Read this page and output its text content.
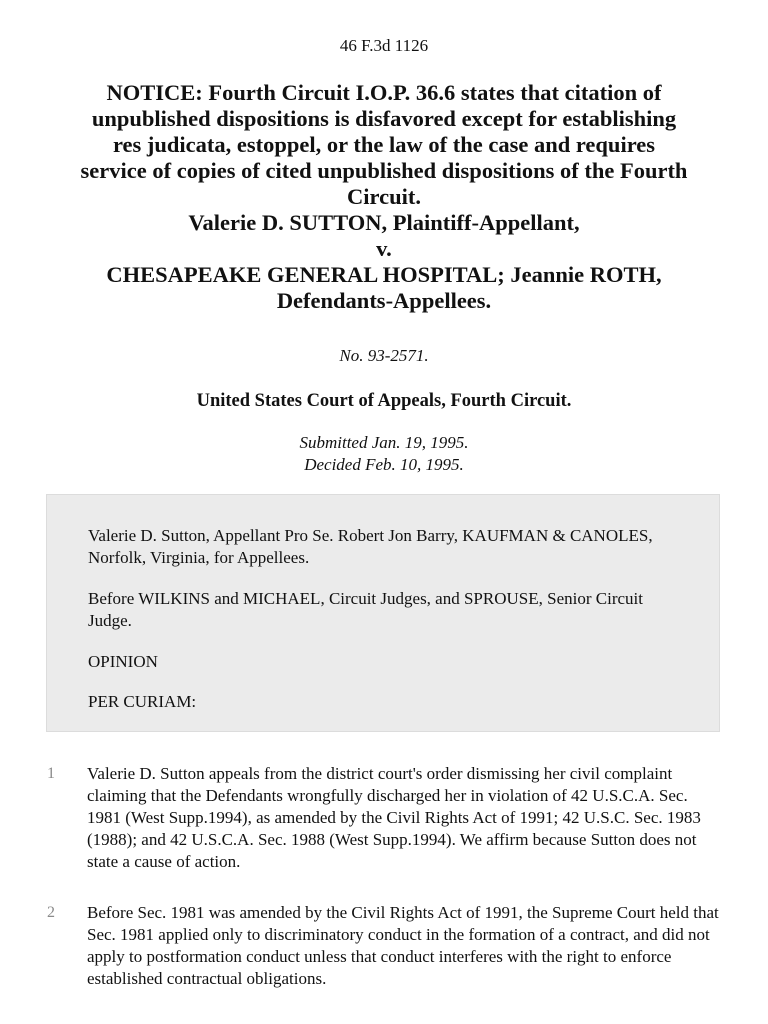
46 F.3d 1126
NOTICE: Fourth Circuit I.O.P. 36.6 states that citation of
unpublished dispositions is disfavored except for establishing
res judicata, estoppel, or the law of the case and requires
service of copies of cited unpublished dispositions of the Fourth
Circuit.
Valerie D. SUTTON, Plaintiff-Appellant,
v.
CHESAPEAKE GENERAL HOSPITAL; Jeannie ROTH,
Defendants-Appellees.
No. 93-2571.
United States Court of Appeals, Fourth Circuit.
Submitted Jan. 19, 1995.
Decided Feb. 10, 1995.

Valerie D. Sutton, Appellant Pro Se. Robert Jon Barry, KAUFMAN & CANOLES, Norfolk, Virginia, for Appellees.

Before WILKINS and MICHAEL, Circuit Judges, and SPROUSE, Senior Circuit Judge.

OPINION

PER CURIAM:

1 Valerie D. Sutton appeals from the district court's order dismissing her civil complaint claiming that the Defendants wrongfully discharged her in violation of 42 U.S.C.A. Sec. 1981 (West Supp.1994), as amended by the Civil Rights Act of 1991; 42 U.S.C. Sec. 1983 (1988); and 42 U.S.C.A. Sec. 1988 (West Supp.1994). We affirm because Sutton does not state a cause of action.
2 Before Sec. 1981 was amended by the Civil Rights Act of 1991, the Supreme Court held that Sec. 1981 applied only to discriminatory conduct in the formation of a contract, and did not apply to postformation conduct unless that conduct interferes with the right to enforce established contractual obligations.
